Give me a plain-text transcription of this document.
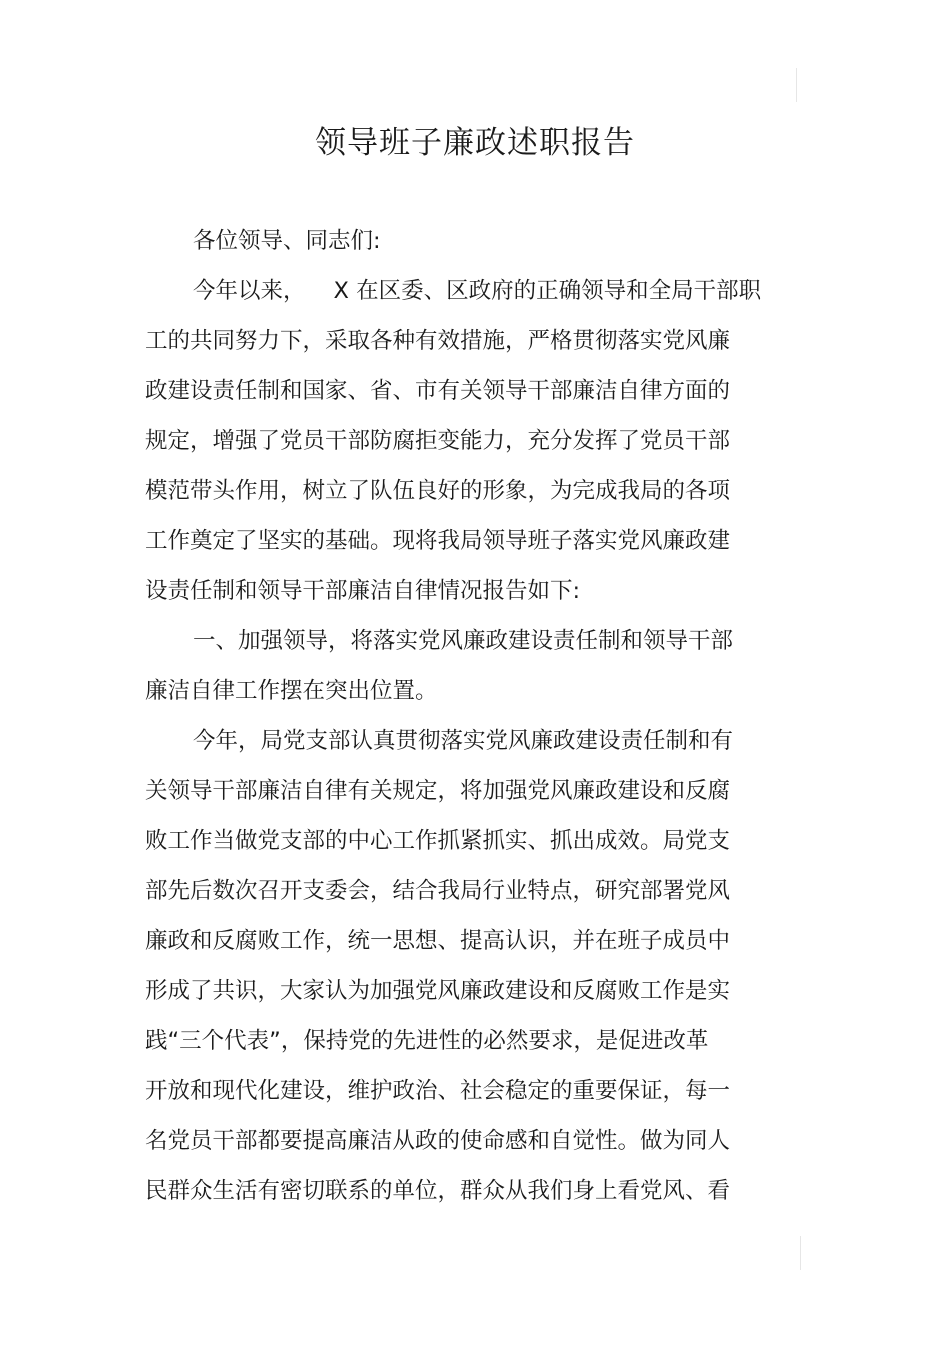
领导班子廉政述职报告
各位领导、同志们:
今年以来， X 在区委、区政府的正确领导和全局干部职
工的共同努力下，采取各种有效措施，严格贯彻落实党风廉
政建设责任制和国家、省、市有关领导干部廉洁自律方面的
规定，增强了党员干部防腐拒变能力，充分发挥了党员干部
模范带头作用，树立了队伍良好的形象，为完成我局的各项
工作奠定了坚实的基础。现将我局领导班子落实党风廉政建
设责任制和领导干部廉洁自律情况报告如下:
一、加强领导，将落实党风廉政建设责任制和领导干部
廉洁自律工作摆在突出位置。
今年，局党支部认真贯彻落实党风廉政建设责任制和有
关领导干部廉洁自律有关规定，将加强党风廉政建设和反腐
败工作当做党支部的中心工作抓紧抓实、抓出成效。局党支
部先后数次召开支委会，结合我局行业特点，研究部署党风
廉政和反腐败工作，统一思想、提高认识，并在班子成员中
形成了共识，大家认为加强党风廉政建设和反腐败工作是实
践“三个代表”，保持党的先进性的必然要求，是促进改革
开放和现代化建设，维护政治、社会稳定的重要保证，每一
名党员干部都要提高廉洁从政的使命感和自觉性。做为同人
民群众生活有密切联系的单位，群众从我们身上看党风、看
